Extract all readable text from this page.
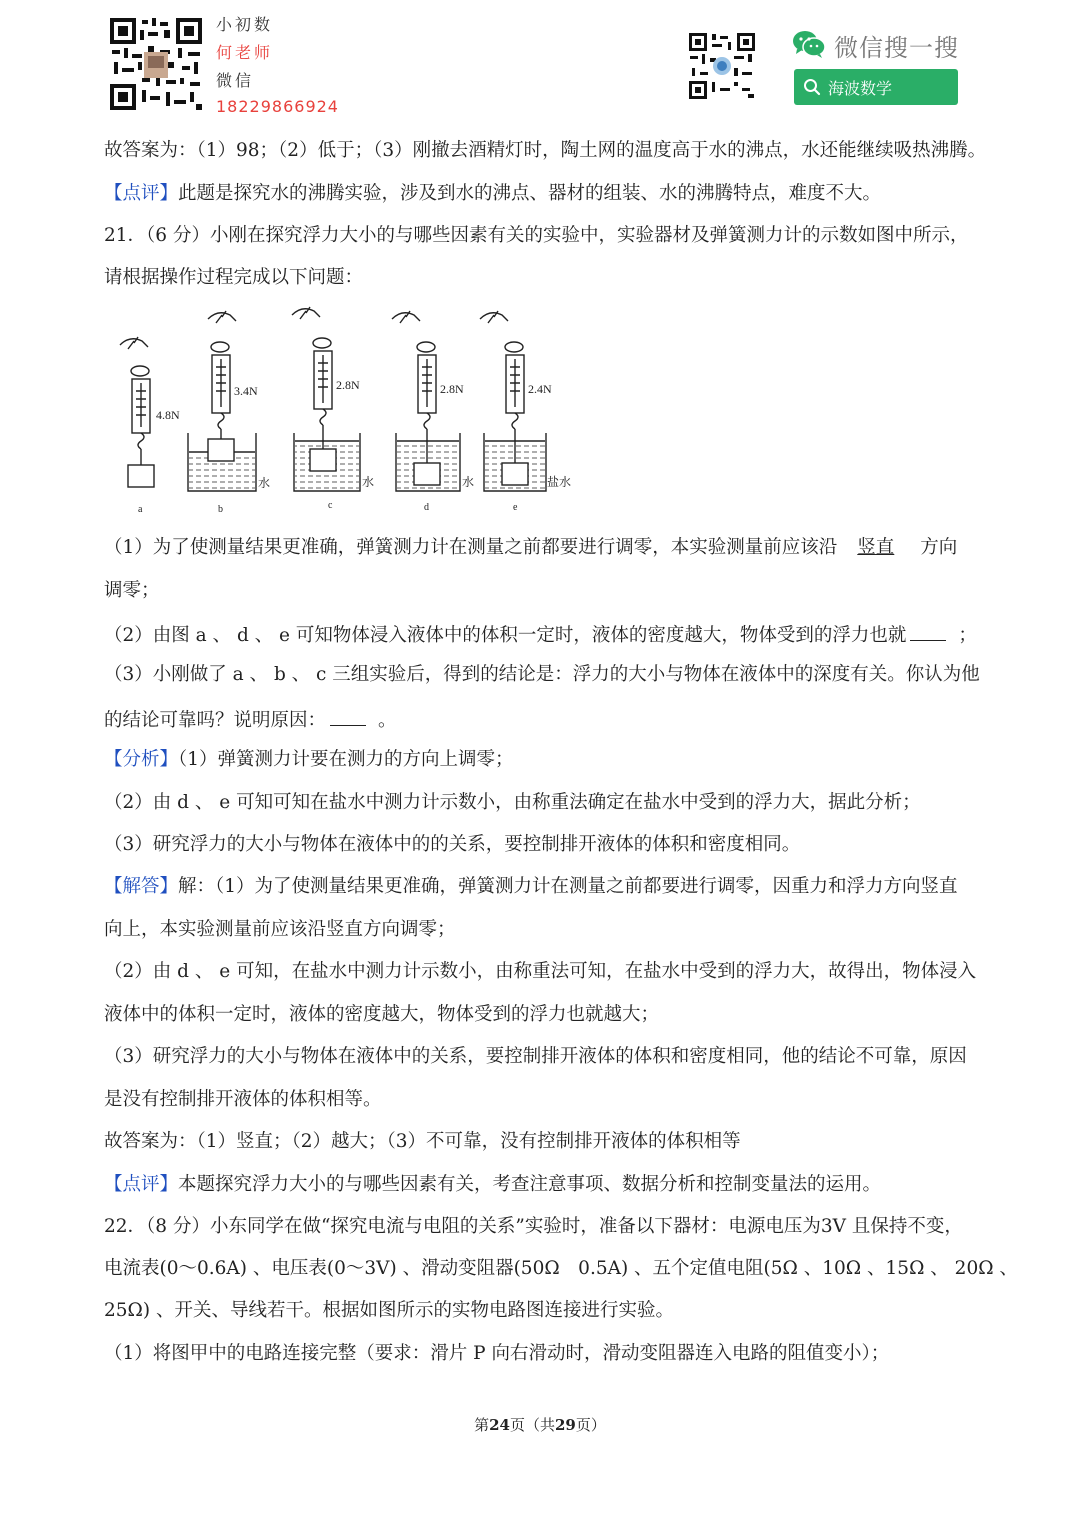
小初数
何老师
微信
18229866924
微信搜一搜
海波数学
故答案为：（1）98；（2）低于；（3）刚撤去酒精灯时，陶土网的温度高于水的沸点，水还能继续吸热沸腾。
【点评】此题是探究水的沸腾实验，涉及到水的沸点、器材的组装、水的沸腾特点，难度不大。
21．（6 分）小刚在探究浮力大小的与哪些因素有关的实验中，实验器材及弹簧测力计的示数如图中所示，
请根据操作过程完成以下问题：
4.8N
3.4N	2.8N	2.8N	2.4N
水	水	水	盐水
a	b	c	d	e
（1）为了使测量结果更准确，弹簧测力计在测量之前都要进行调零，本实验测量前应该沿 竖直 方向
调零；
（2）由图 a 、 d 、 e 可知物体浸入液体中的体积一定时，液体的密度越大，物体受到的浮力也就	；
（3）小刚做了 a 、 b 、 c 三组实验后，得到的结论是：浮力的大小与物体在液体中的深度有关。你认为他
的结论可靠吗？说明原因：	。
【分析】（1）弹簧测力计要在测力的方向上调零；
（2）由 d 、 e 可知可知在盐水中测力计示数小，由称重法确定在盐水中受到的浮力大，据此分析；
（3）研究浮力的大小与物体在液体中的的关系，要控制排开液体的体积和密度相同。
【解答】解：（1）为了使测量结果更准确，弹簧测力计在测量之前都要进行调零，因重力和浮力方向竖直
向上，本实验测量前应该沿竖直方向调零；
（2）由 d 、 e 可知，在盐水中测力计示数小，由称重法可知，在盐水中受到的浮力大，故得出，物体浸入
液体中的体积一定时，液体的密度越大，物体受到的浮力也就越大；
（3）研究浮力的大小与物体在液体中的关系，要控制排开液体的体积和密度相同，他的结论不可靠，原因
是没有控制排开液体的体积相等。
故答案为：（1）竖直；（2）越大；（3）不可靠，没有控制排开液体的体积相等
【点评】本题探究浮力大小的与哪些因素有关，考查注意事项、数据分析和控制变量法的运用。
22．（8 分）小东同学在做“探究电流与电阻的关系”实验时，准备以下器材：电源电压为3V 且保持不变，
电流表(0～0.6A) 、电压表(0～3V) 、滑动变阻器(50Ω　0.5A) 、五个定值电阻(5Ω 、10Ω 、15Ω 、 20Ω 、
25Ω) 、开关、导线若干。根据如图所示的实物电路图连接进行实验。
（1）将图甲中的电路连接完整（要求：滑片 P 向右滑动时，滑动变阻器连入电路的阻值变小）；
第24页（共29页）
